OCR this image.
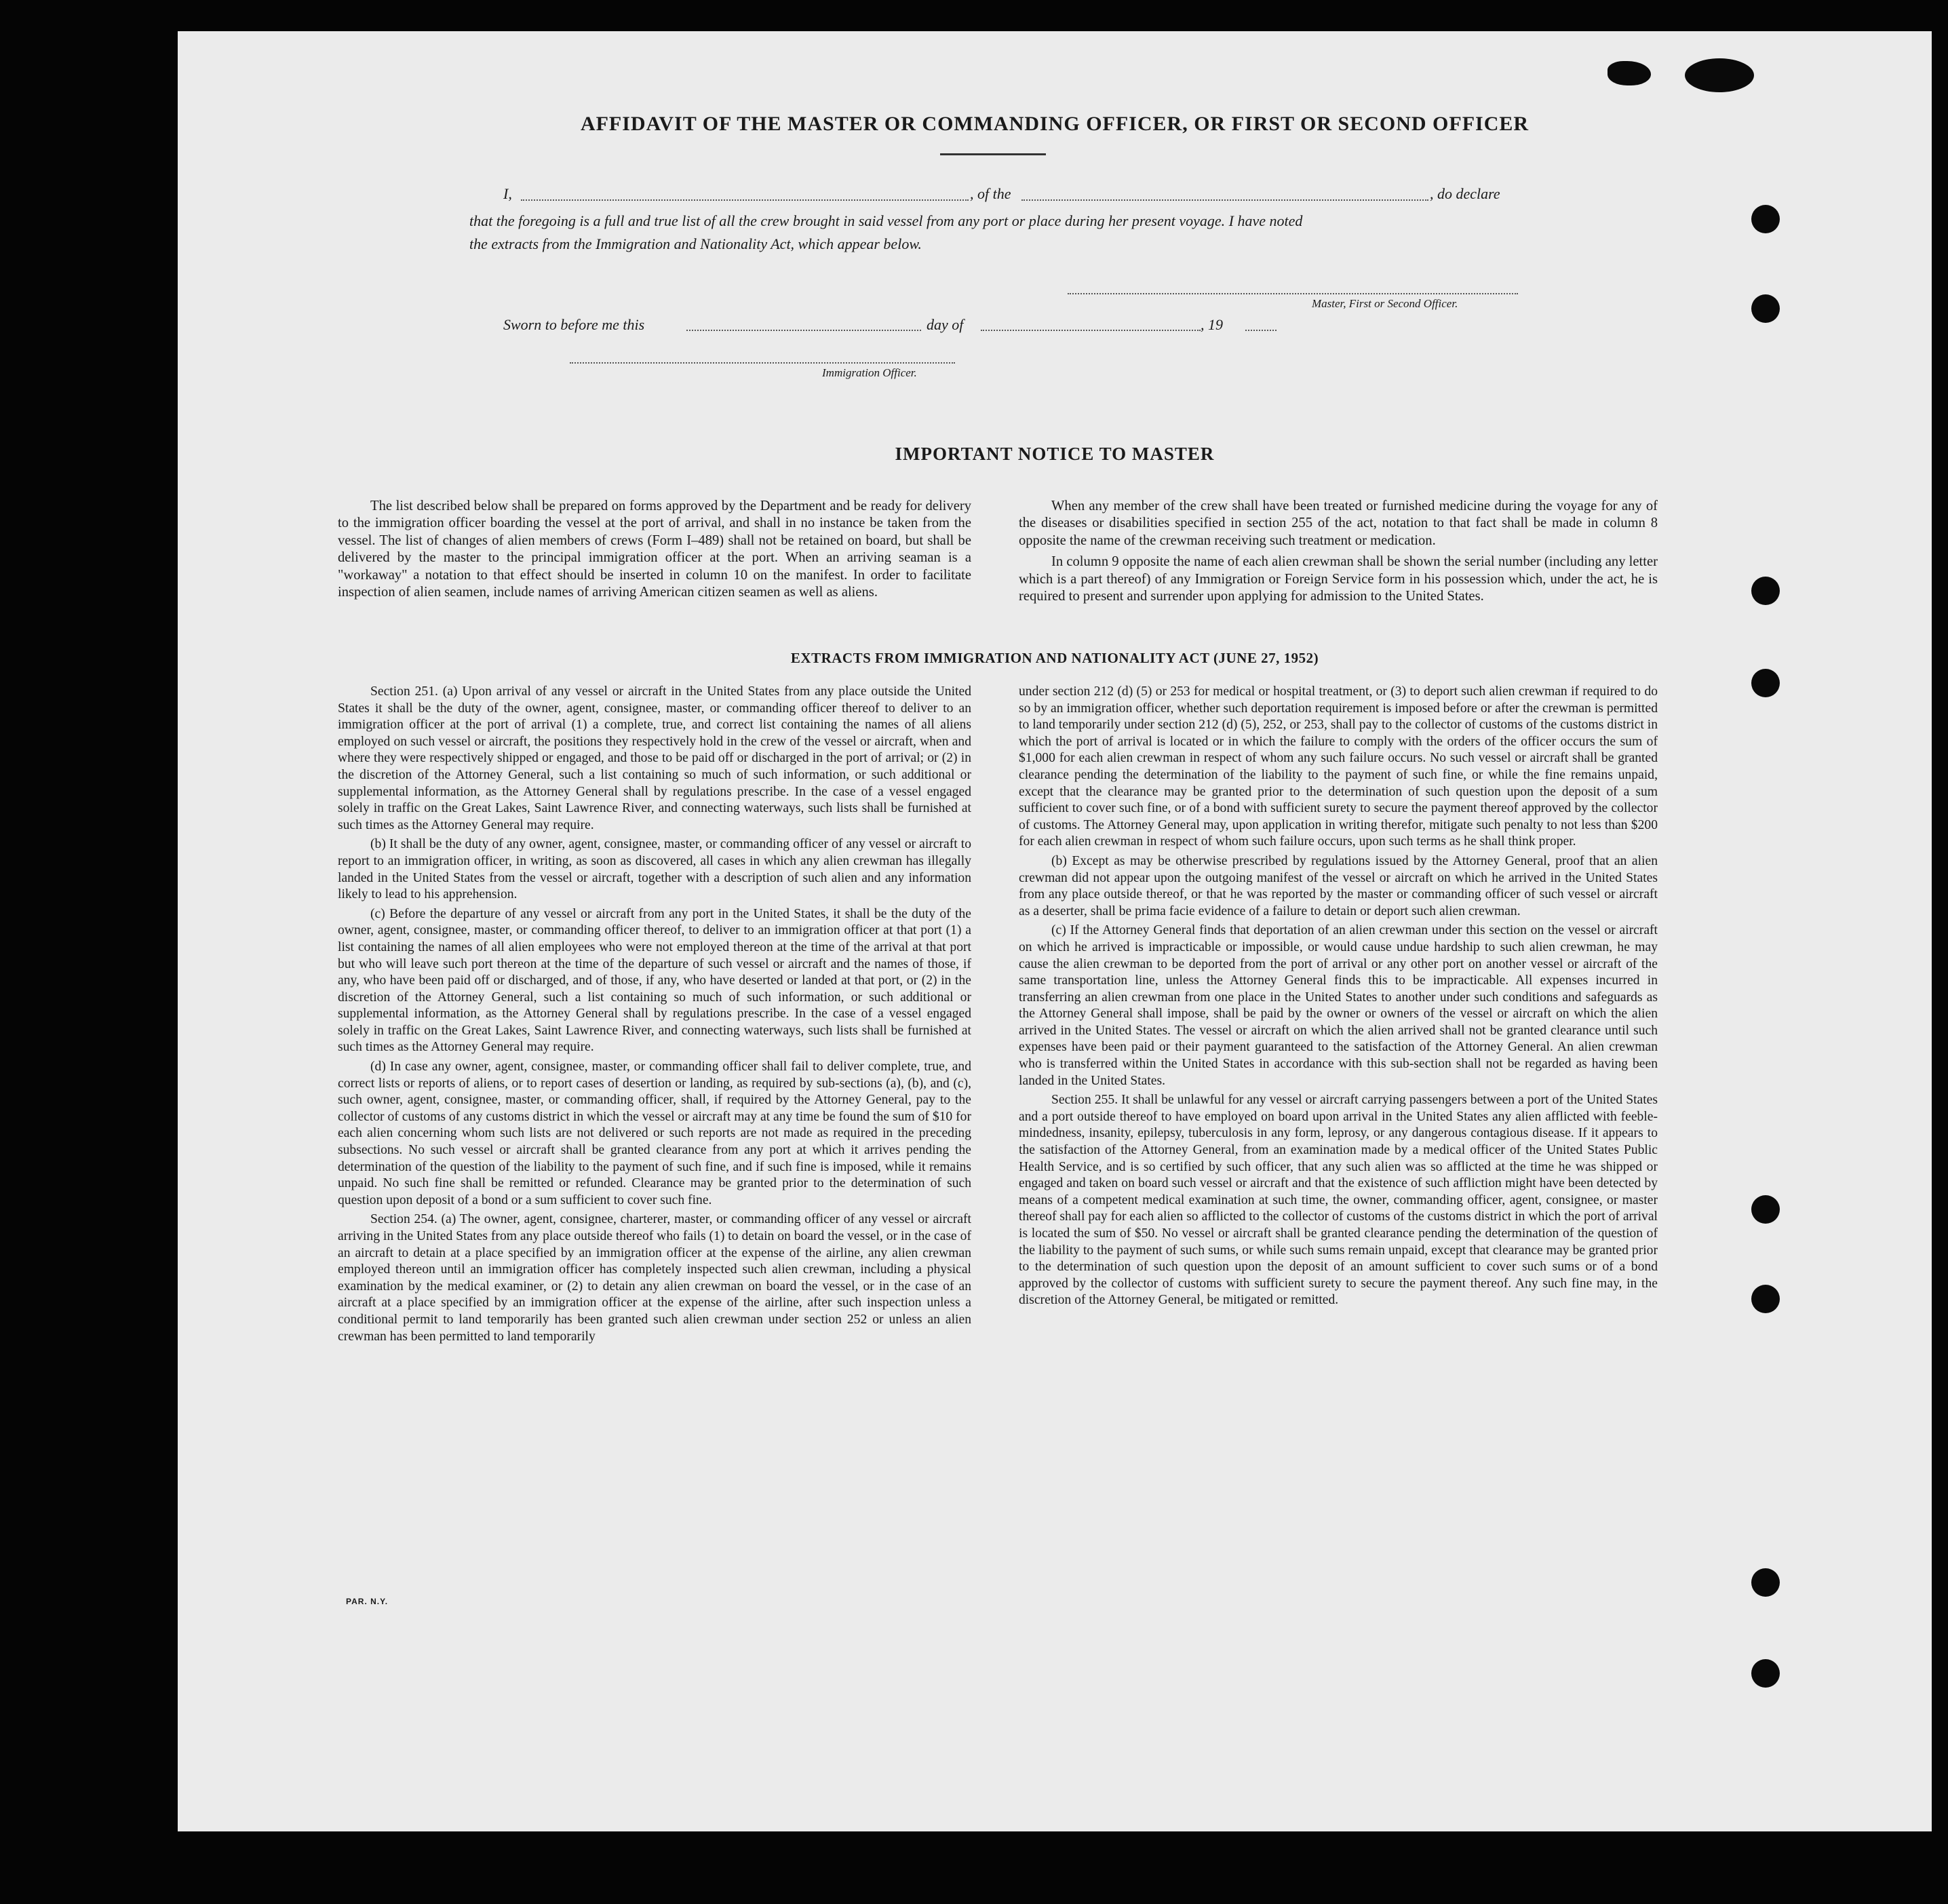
AFFIDAVIT OF THE MASTER OR COMMANDING OFFICER, OR FIRST OR SECOND OFFICER
I,	, of the	, do declare
that the foregoing is a full and true list of all the crew brought in said vessel from any port or place during her present voyage. I have noted
the extracts from the Immigration and Nationality Act, which appear below.
Master, First or Second Officer.
Sworn to before me this	day of	, 19
Immigration Officer.
IMPORTANT NOTICE TO MASTER

The list described below shall be prepared on forms approved by the Department and be ready for delivery to the immigration officer boarding the vessel at the port of arrival, and shall in no instance be taken from the vessel. The list of changes of alien members of crews (Form I–489) shall not be retained on board, but shall be delivered by the master to the principal immigration officer at the port. When an arriving seaman is a "workaway" a notation to that effect should be inserted in column 10 on the manifest. In order to facilitate inspection of alien seamen, include names of arriving American citizen seamen as well as aliens.

When any member of the crew shall have been treated or furnished medicine during the voyage for any of the diseases or disabilities specified in section 255 of the act, notation to that fact shall be made in column 8 opposite the name of the crewman receiving such treatment or medication.

In column 9 opposite the name of each alien crewman shall be shown the serial number (including any letter which is a part thereof) of any Immigration or Foreign Service form in his possession which, under the act, he is required to present and surrender upon applying for admission to the United States.

EXTRACTS FROM IMMIGRATION AND NATIONALITY ACT (JUNE 27, 1952)

Section 251. (a) Upon arrival of any vessel or aircraft in the United States from any place outside the United States it shall be the duty of the owner, agent, consignee, master, or commanding officer thereof to deliver to an immigration officer at the port of arrival (1) a complete, true, and correct list containing the names of all aliens employed on such vessel or aircraft, the positions they respectively hold in the crew of the vessel or aircraft, when and where they were respectively shipped or engaged, and those to be paid off or discharged in the port of arrival; or (2) in the discretion of the Attorney General, such a list containing so much of such information, or such additional or supplemental information, as the Attorney General shall by regulations prescribe. In the case of a vessel engaged solely in traffic on the Great Lakes, Saint Lawrence River, and connecting waterways, such lists shall be furnished at such times as the Attorney General may require.

(b) It shall be the duty of any owner, agent, consignee, master, or commanding officer of any vessel or aircraft to report to an immigration officer, in writing, as soon as discovered, all cases in which any alien crewman has illegally landed in the United States from the vessel or aircraft, together with a description of such alien and any information likely to lead to his apprehension.

(c) Before the departure of any vessel or aircraft from any port in the United States, it shall be the duty of the owner, agent, consignee, master, or commanding officer thereof, to deliver to an immigration officer at that port (1) a list containing the names of all alien employees who were not employed thereon at the time of the arrival at that port but who will leave such port thereon at the time of the departure of such vessel or aircraft and the names of those, if any, who have been paid off or discharged, and of those, if any, who have deserted or landed at that port, or (2) in the discretion of the Attorney General, such a list containing so much of such information, or such additional or supplemental information, as the Attorney General shall by regulations prescribe. In the case of a vessel engaged solely in traffic on the Great Lakes, Saint Lawrence River, and connecting waterways, such lists shall be furnished at such times as the Attorney General may require.

(d) In case any owner, agent, consignee, master, or commanding officer shall fail to deliver complete, true, and correct lists or reports of aliens, or to report cases of desertion or landing, as required by sub-sections (a), (b), and (c), such owner, agent, consignee, master, or commanding officer, shall, if required by the Attorney General, pay to the collector of customs of any customs district in which the vessel or aircraft may at any time be found the sum of $10 for each alien concerning whom such lists are not delivered or such reports are not made as required in the preceding subsections. No such vessel or aircraft shall be granted clearance from any port at which it arrives pending the determination of the question of the liability to the payment of such fine, and if such fine is imposed, while it remains unpaid. No such fine shall be remitted or refunded. Clearance may be granted prior to the determination of such question upon deposit of a bond or a sum sufficient to cover such fine.

Section 254. (a) The owner, agent, consignee, charterer, master, or commanding officer of any vessel or aircraft arriving in the United States from any place outside thereof who fails (1) to detain on board the vessel, or in the case of an aircraft to detain at a place specified by an immigration officer at the expense of the airline, any alien crewman employed thereon until an immigration officer has completely inspected such alien crewman, including a physical examination by the medical examiner, or (2) to detain any alien crewman on board the vessel, or in the case of an aircraft at a place specified by an immigration officer at the expense of the airline, after such inspection unless a conditional permit to land temporarily has been granted such alien crewman under section 252 or unless an alien crewman has been permitted to land temporarily

under section 212 (d) (5) or 253 for medical or hospital treatment, or (3) to deport such alien crewman if required to do so by an immigration officer, whether such deportation requirement is imposed before or after the crewman is permitted to land temporarily under section 212 (d) (5), 252, or 253, shall pay to the collector of customs of the customs district in which the port of arrival is located or in which the failure to comply with the orders of the officer occurs the sum of $1,000 for each alien crewman in respect of whom any such failure occurs. No such vessel or aircraft shall be granted clearance pending the determination of the liability to the payment of such fine, or while the fine remains unpaid, except that the clearance may be granted prior to the determination of such question upon the deposit of a sum sufficient to cover such fine, or of a bond with sufficient surety to secure the payment thereof approved by the collector of customs. The Attorney General may, upon application in writing therefor, mitigate such penalty to not less than $200 for each alien crewman in respect of whom such failure occurs, upon such terms as he shall think proper.

(b) Except as may be otherwise prescribed by regulations issued by the Attorney General, proof that an alien crewman did not appear upon the outgoing manifest of the vessel or aircraft on which he arrived in the United States from any place outside thereof, or that he was reported by the master or commanding officer of such vessel or aircraft as a deserter, shall be prima facie evidence of a failure to detain or deport such alien crewman.

(c) If the Attorney General finds that deportation of an alien crewman under this section on the vessel or aircraft on which he arrived is impracticable or impossible, or would cause undue hardship to such alien crewman, he may cause the alien crewman to be deported from the port of arrival or any other port on another vessel or aircraft of the same transportation line, unless the Attorney General finds this to be impracticable. All expenses incurred in transferring an alien crewman from one place in the United States to another under such conditions and safeguards as the Attorney General shall impose, shall be paid by the owner or owners of the vessel or aircraft on which the alien arrived in the United States. The vessel or aircraft on which the alien arrived shall not be granted clearance until such expenses have been paid or their payment guaranteed to the satisfaction of the Attorney General. An alien crewman who is transferred within the United States in accordance with this sub-section shall not be regarded as having been landed in the United States.

Section 255. It shall be unlawful for any vessel or aircraft carrying passengers between a port of the United States and a port outside thereof to have employed on board upon arrival in the United States any alien afflicted with feeble-mindedness, insanity, epilepsy, tuberculosis in any form, leprosy, or any dangerous contagious disease. If it appears to the satisfaction of the Attorney General, from an examination made by a medical officer of the United States Public Health Service, and is so certified by such officer, that any such alien was so afflicted at the time he was shipped or engaged and taken on board such vessel or aircraft and that the existence of such affliction might have been detected by means of a competent medical examination at such time, the owner, commanding officer, agent, consignee, or master thereof shall pay for each alien so afflicted to the collector of customs of the customs district in which the port of arrival is located the sum of $50. No vessel or aircraft shall be granted clearance pending the determination of the question of the liability to the payment of such sums, or while such sums remain unpaid, except that clearance may be granted prior to the determination of such question upon the deposit of an amount sufficient to cover such sums or of a bond approved by the collector of customs with sufficient surety to secure the payment thereof. Any such fine may, in the discretion of the Attorney General, be mitigated or remitted.

PAR. N.Y.
